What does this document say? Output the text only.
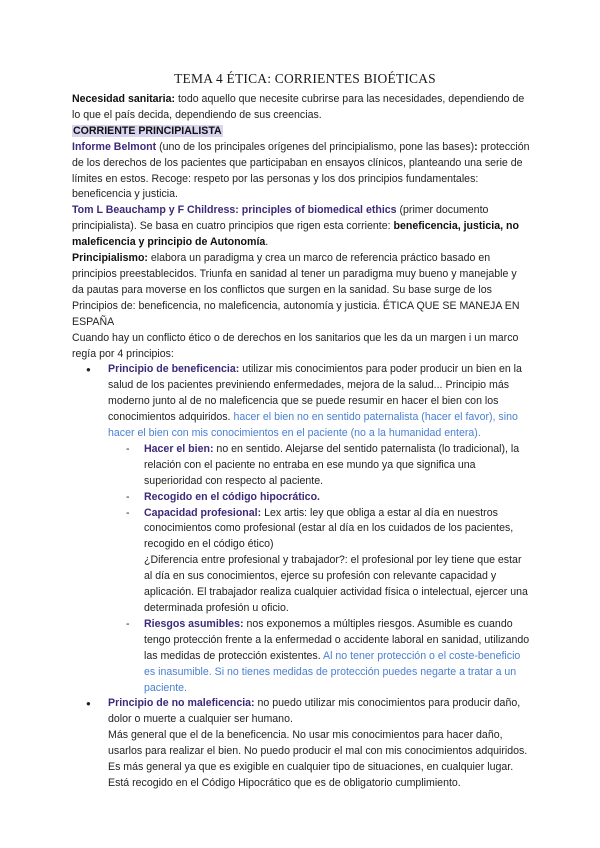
TEMA 4 ÉTICA: CORRIENTES BIOÉTICAS

Necesidad sanitaria: todo aquello que necesite cubrirse para las necesidades, dependiendo de lo que el país decida, dependiendo de sus creencias.

CORRIENTE PRINCIPIALISTA

Informe Belmont (uno de los principales orígenes del principialismo, pone las bases): protección de los derechos de los pacientes que participaban en ensayos clínicos, planteando una serie de límites en estos. Recoge: respeto por las personas y los dos principios fundamentales: beneficencia y justicia.

Tom L Beauchamp y F Childress: principles of biomedical ethics (primer documento principialista). Se basa en cuatro principios que rigen esta corriente: beneficencia, justicia, no maleficencia y principio de Autonomía.

Principialismo: elabora un paradigma y crea un marco de referencia práctico basado en principios preestablecidos. Triunfa en sanidad al tener un paradigma muy bueno y manejable y da pautas para moverse en los conflictos que surgen en la sanidad. Su base surge de los Principios de: beneficencia, no maleficencia, autonomía y justicia. ÉTICA QUE SE MANEJA EN ESPAÑA

Cuando hay un conflicto ético o de derechos en los sanitarios que les da un margen i un marco regía por 4 principios:

● Principio de beneficencia: utilizar mis conocimientos para poder producir un bien en la salud de los pacientes previniendo enfermedades, mejora de la salud... Principio más moderno junto al de no maleficencia que se puede resumir en hacer el bien con los conocimientos adquiridos. hacer el bien no en sentido paternalista (hacer el favor), sino hacer el bien con mis conocimientos en el paciente (no a la humanidad entera).
- Hacer el bien: no en sentido. Alejarse del sentido paternalista (lo tradicional), la relación con el paciente no entraba en ese mundo ya que significa una superioridad con respecto al paciente.
- Recogido en el código hipocrático.
- Capacidad profesional: Lex artis: ley que obliga a estar al día en nuestros conocimientos como profesional (estar al día en los cuidados de los pacientes, recogido en el código ético)
¿Diferencia entre profesional y trabajador?: el profesional por ley tiene que estar al día en sus conocimientos, ejerce su profesión con relevante capacidad y aplicación. El trabajador realiza cualquier actividad física o intelectual, ejercer una determinada profesión u oficio.
- Riesgos asumibles: nos exponemos a múltiples riesgos. Asumible es cuando tengo protección frente a la enfermedad o accidente laboral en sanidad, utilizando las medidas de protección existentes. Al no tener protección o el coste-beneficio es inasumible. Si no tienes medidas de protección puedes negarte a tratar a un paciente.
● Principio de no maleficencia: no puedo utilizar mis conocimientos para producir daño, dolor o muerte a cualquier ser humano.
Más general que el de la beneficencia. No usar mis conocimientos para hacer daño, usarlos para realizar el bien. No puedo producir el mal con mis conocimientos adquiridos. Es más general ya que es exigible en cualquier tipo de situaciones, en cualquier lugar. Está recogido en el Código Hipocrático que es de obligatorio cumplimiento.
